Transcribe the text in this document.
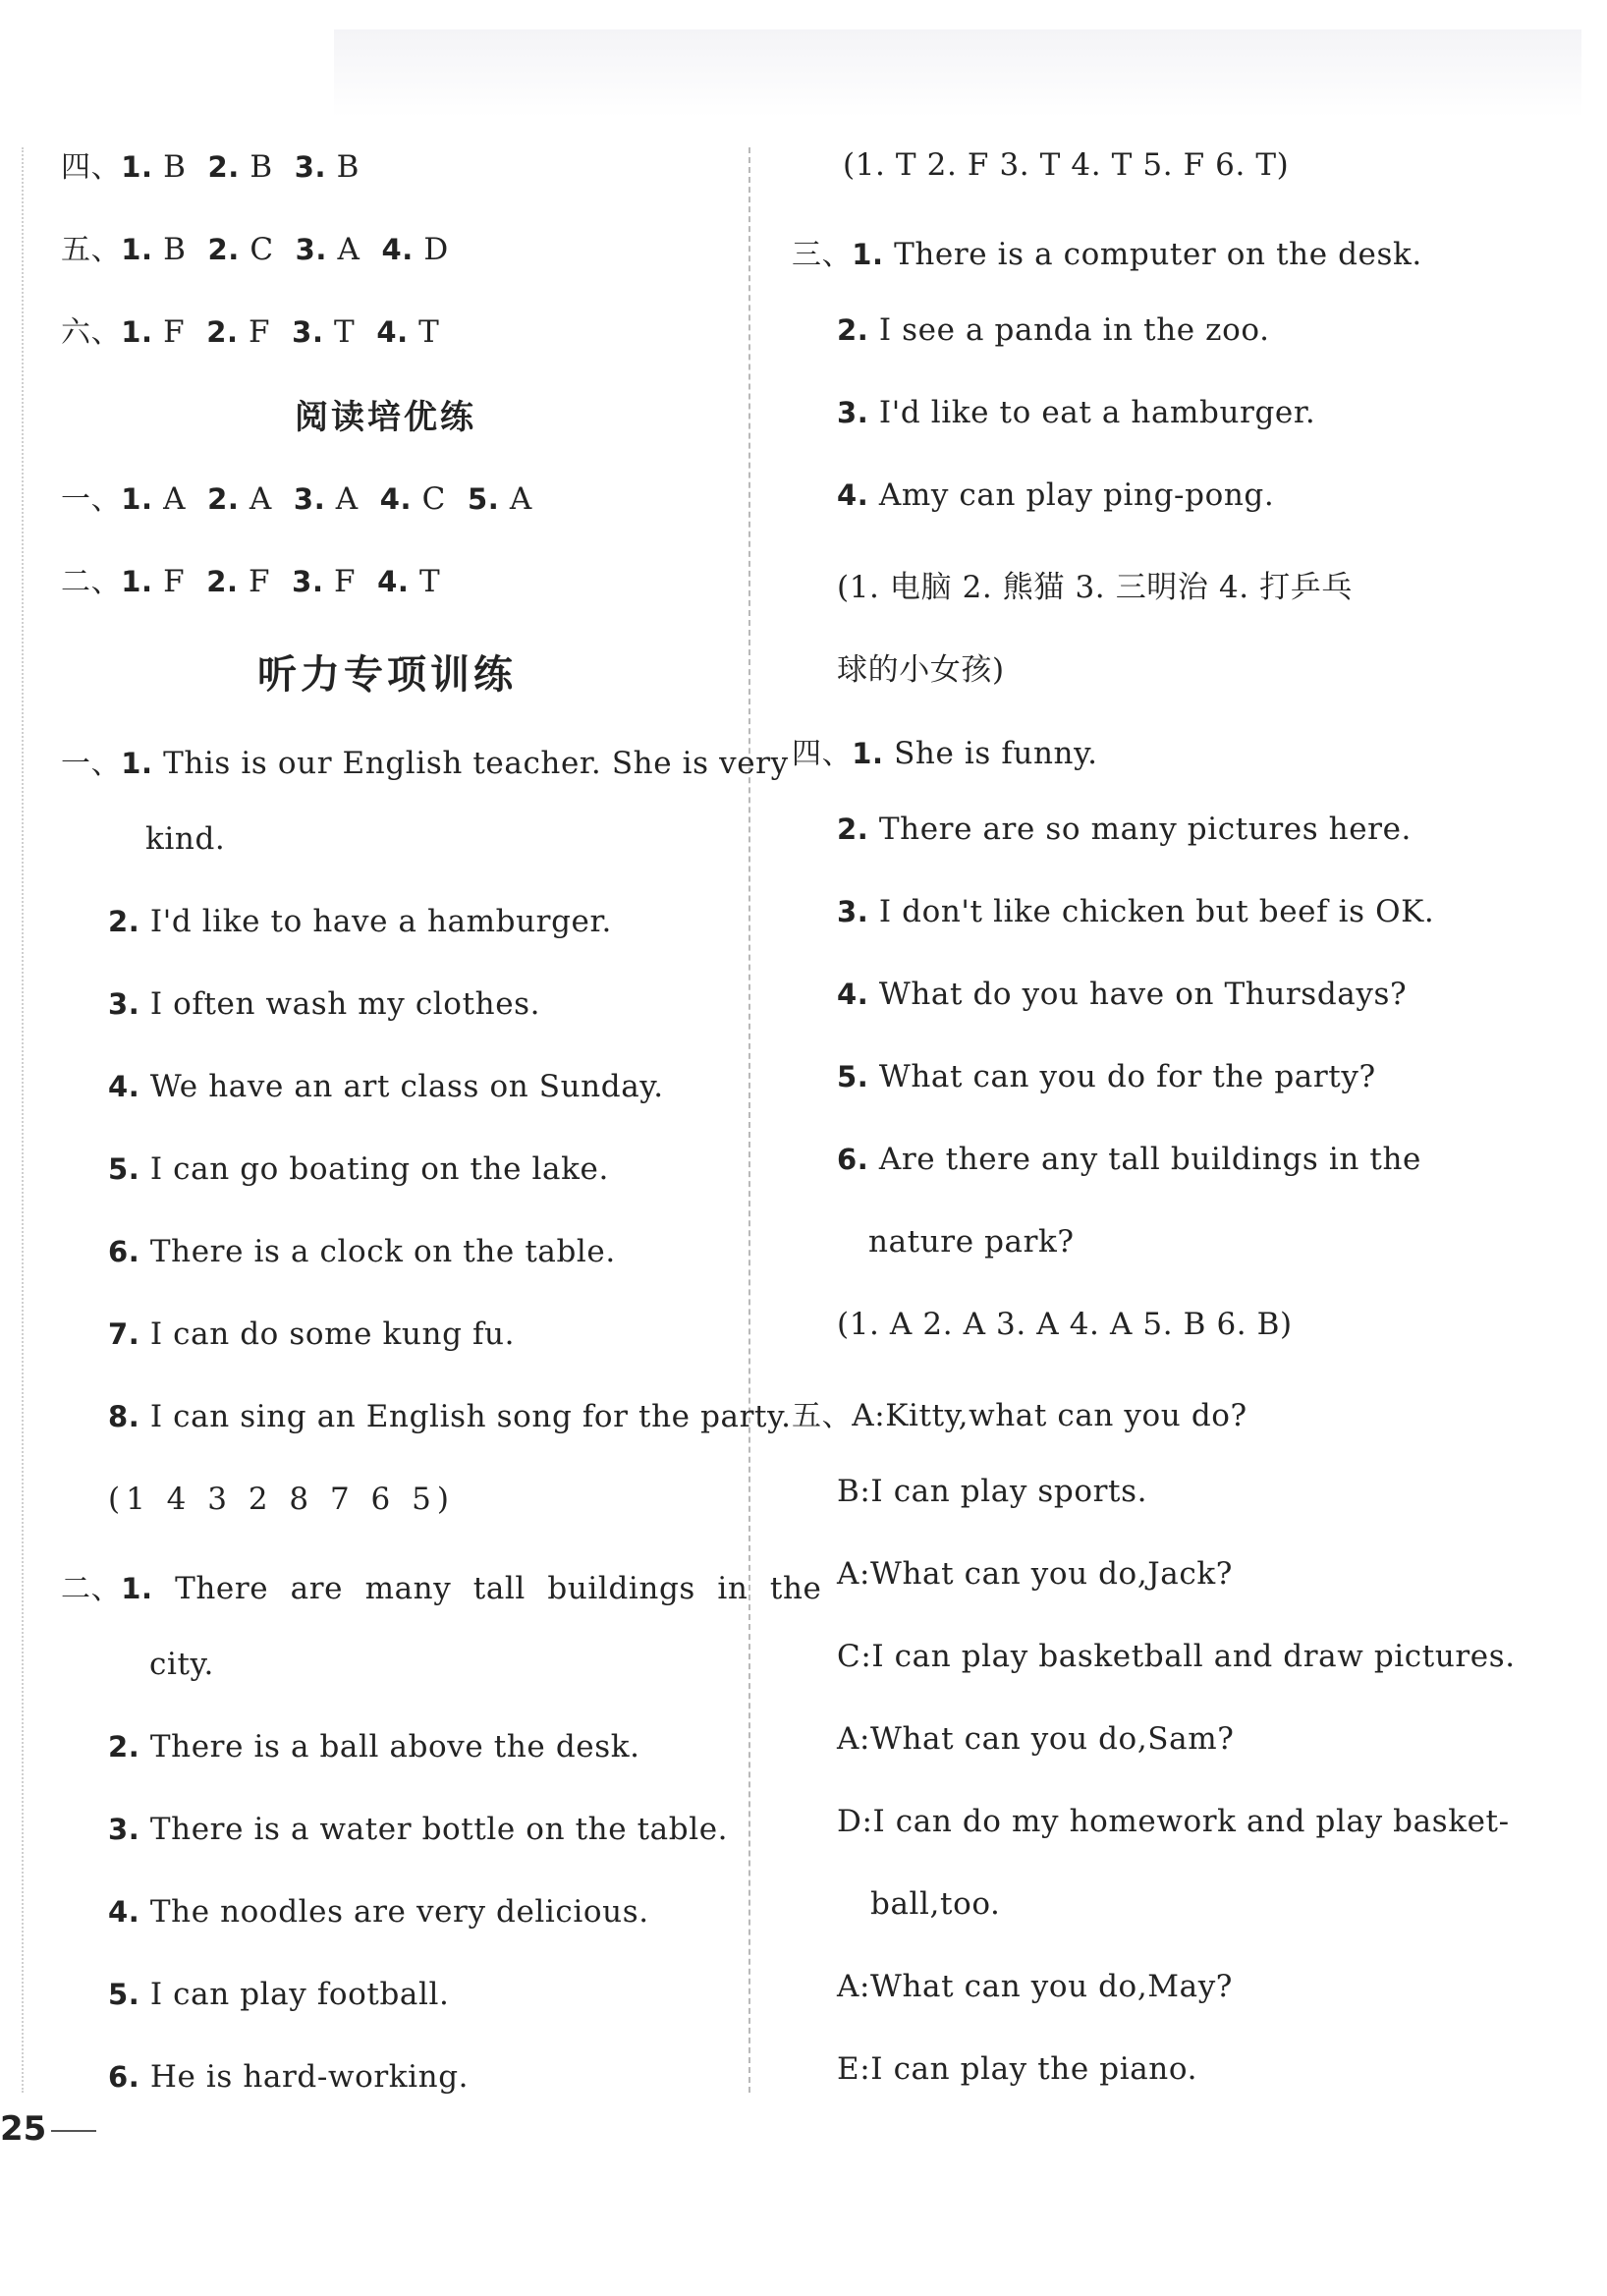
四、1. B 2. B 3. B
五、1. B 2. C 3. A 4. D
六、1. F 2. F 3. T 4. T
阅读培优练
一、1. A 2. A 3. A 4. C 5. A
二、1. F 2. F 3. F 4. T
听力专项训练
一、1. This is our English teacher. She is very
kind.
2. I'd like to have a hamburger.
3. I often wash my clothes.
4. We have an art class on Sunday.
5. I can go boating on the lake.
6. There is a clock on the table.
7. I can do some kung fu.
8. I can sing an English song for the party.
(1 4 3 2 8 7 6 5)
二、1. There are many tall buildings in the
city.
2. There is a ball above the desk.
3. There is a water bottle on the table.
4. The noodles are very delicious.
5. I can play football.
6. He is hard-working.
(1. T 2. F 3. T 4. T 5. F 6. T)
三、1. There is a computer on the desk.
2. I see a panda in the zoo.
3. I'd like to eat a hamburger.
4. Amy can play ping-pong.
(1. 电脑 2. 熊猫 3. 三明治 4. 打乒乓
球的小女孩)
四、1. She is funny.
2. There are so many pictures here.
3. I don't like chicken but beef is OK.
4. What do you have on Thursdays?
5. What can you do for the party?
6. Are there any tall buildings in the
nature park?
(1. A 2. A 3. A 4. A 5. B 6. B)
五、A:Kitty,what can you do?
B:I can play sports.
A:What can you do,Jack?
C:I can play basketball and draw pictures.
A:What can you do,Sam?
D:I can do my homework and play basket-
ball,too.
A:What can you do,May?
E:I can play the piano.
25
